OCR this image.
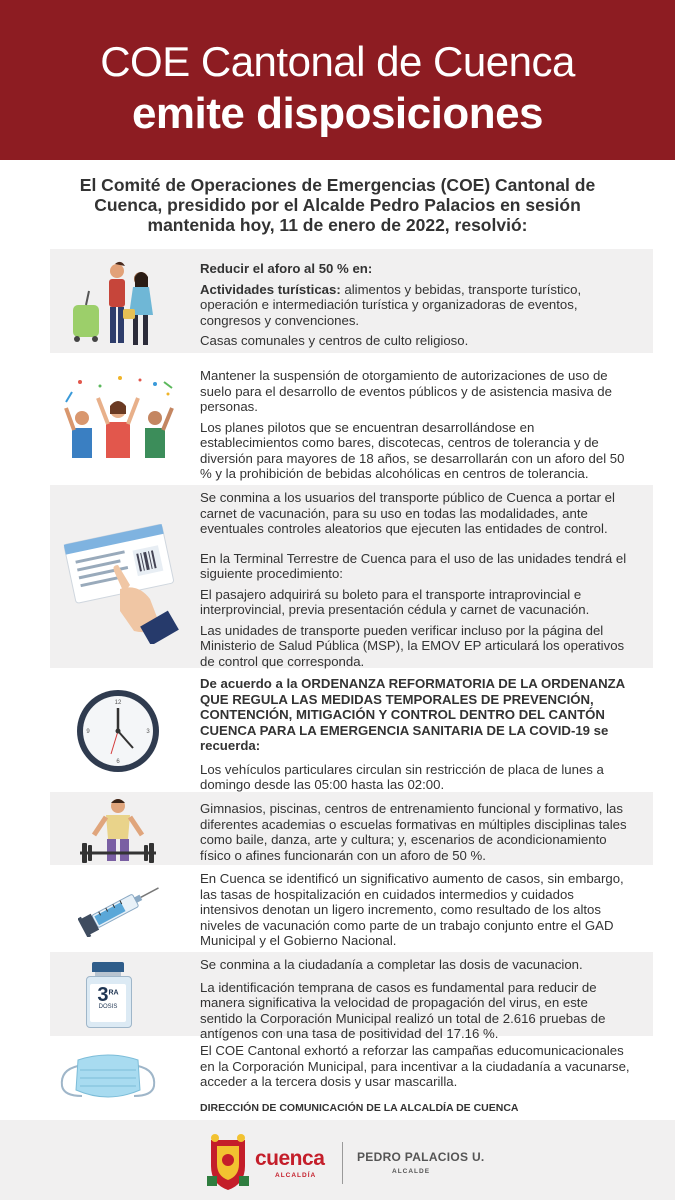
COE Cantonal de Cuenca
emite disposiciones
El Comité de Operaciones de Emergencias (COE) Cantonal de Cuenca, presidido por el Alcalde Pedro Palacios en sesión mantenida hoy, 11 de enero de 2022, resolvió:

Reducir el aforo al 50 % en:

Actividades turísticas: alimentos y bebidas, transporte turístico, operación e intermediación turística y organizadoras de eventos, congresos y convenciones.

Casas comunales y centros de culto religioso.

Mantener la suspensión de otorgamiento de autorizaciones de uso de suelo para el desarrollo de eventos públicos y de asistencia masiva de personas.

Los planes pilotos que se encuentran desarrollándose en establecimientos como bares, discotecas, centros de tolerancia y de diversión para mayores de 18 años, se desarrollarán con un aforo del 50 % y la prohibición de bebidas alcohólicas en centros de tolerancia.

Se conmina a los usuarios del transporte público de Cuenca a portar el carnet de vacunación, para su uso en todas las modalidades, ante eventuales controles aleatorios que ejecuten las entidades de control.

En la Terminal Terrestre de Cuenca para el uso de las unidades tendrá el siguiente procedimiento:

El pasajero adquirirá su boleto para el transporte intraprovincial e interprovincial, previa presentación cédula y carnet de vacunación.

Las unidades de transporte pueden verificar incluso por la página del Ministerio de Salud Pública (MSP), la EMOV EP articulará los operativos de control que corresponda.

12
3
6
9

De acuerdo a la ORDENANZA REFORMATORIA DE LA ORDENANZA QUE REGULA LAS MEDIDAS TEMPORALES DE PREVENCIÓN, CONTENCIÓN, MITIGACIÓN Y CONTROL DENTRO DEL CANTÓN CUENCA PARA LA EMERGENCIA SANITARIA DE LA COVID-19 se recuerda:

Los vehículos particulares circulan sin restricción de placa de lunes a domingo desde las 05:00 hasta las 02:00.

Gimnasios, piscinas, centros de entrenamiento funcional y formativo, las diferentes academias o escuelas formativas en múltiples disciplinas tales como baile, danza, arte y cultura; y, escenarios de acondicionamiento físico o afines funcionarán con un aforo de 50 %.

En Cuenca se identificó un significativo aumento de casos, sin embargo, las tasas de hospitalización en cuidados intermedios y cuidados intensivos denotan un ligero incremento, como resultado de los altos niveles de vacunación como parte de un trabajo conjunto entre el GAD Municipal y el Gobierno Nacional.

$3^{RA}$
DOSIS

Se conmina a la ciudadanía a completar las dosis de vacunacion.

La identificación temprana de casos es fundamental para reducir de manera significativa la velocidad de propagación del virus, en este sentido la Corporación Municipal realizó un total de 2.616 pruebas de antígenos con una tasa de positividad del 17.16 %.

El COE Cantonal exhortó a reforzar las campañas educomunicacionales en la Corporación Municipal, para incentivar a la ciudadanía a vacunarse, acceder a la tercera dosis y usar mascarilla.

DIRECCIÓN DE COMUNICACIÓN DE LA ALCALDÍA DE CUENCA

cuenca
ALCALDÍA
PEDRO PALACIOS U.
ALCALDE
